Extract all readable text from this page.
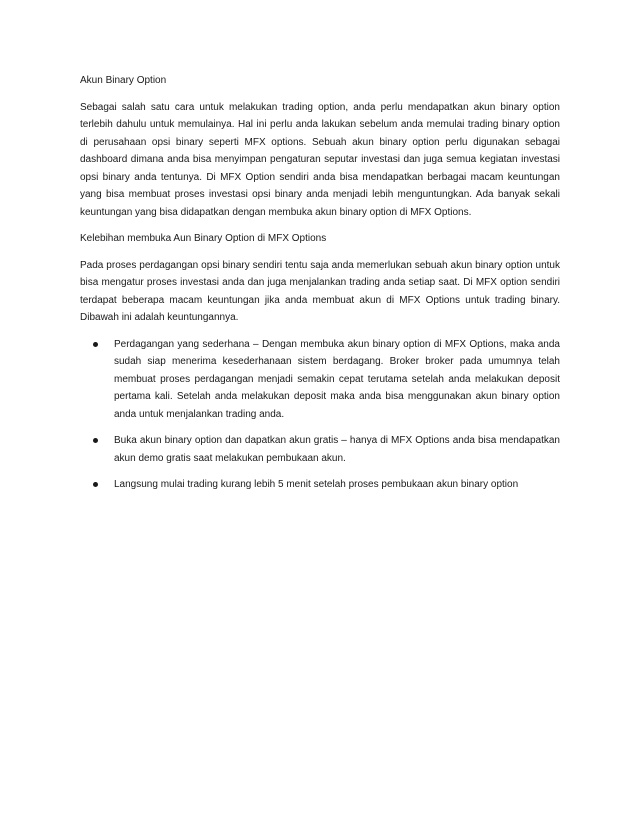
Akun Binary Option

Sebagai salah satu cara untuk melakukan trading option, anda perlu mendapatkan akun binary option terlebih dahulu untuk memulainya. Hal ini perlu anda lakukan sebelum anda memulai trading binary option di perusahaan opsi binary seperti MFX options. Sebuah akun binary option perlu digunakan sebagai dashboard dimana anda bisa menyimpan pengaturan seputar investasi dan juga semua kegiatan investasi opsi binary anda tentunya. Di MFX Option sendiri anda bisa mendapatkan berbagai macam keuntungan yang bisa membuat proses investasi opsi binary anda menjadi lebih menguntungkan. Ada banyak sekali keuntungan yang bisa didapatkan dengan membuka akun binary option di MFX Options.

Kelebihan membuka Aun Binary Option di MFX Options

Pada proses perdagangan opsi binary sendiri tentu saja anda memerlukan sebuah akun binary option untuk bisa mengatur proses investasi anda dan juga menjalankan trading anda setiap saat. Di MFX option sendiri terdapat beberapa macam keuntungan jika anda membuat akun di MFX Options untuk trading binary. Dibawah ini adalah keuntungannya.

Perdagangan yang sederhana – Dengan membuka akun binary option di MFX Options, maka anda sudah siap menerima kesederhanaan sistem berdagang. Broker broker pada umumnya telah membuat proses perdagangan menjadi semakin cepat terutama setelah anda melakukan deposit pertama kali. Setelah anda melakukan deposit maka anda bisa menggunakan akun binary option anda untuk menjalankan trading anda.
Buka akun binary option dan dapatkan akun gratis – hanya di MFX Options anda bisa mendapatkan akun demo gratis saat melakukan pembukaan akun.
Langsung mulai trading kurang lebih 5 menit setelah proses pembukaan akun binary option
